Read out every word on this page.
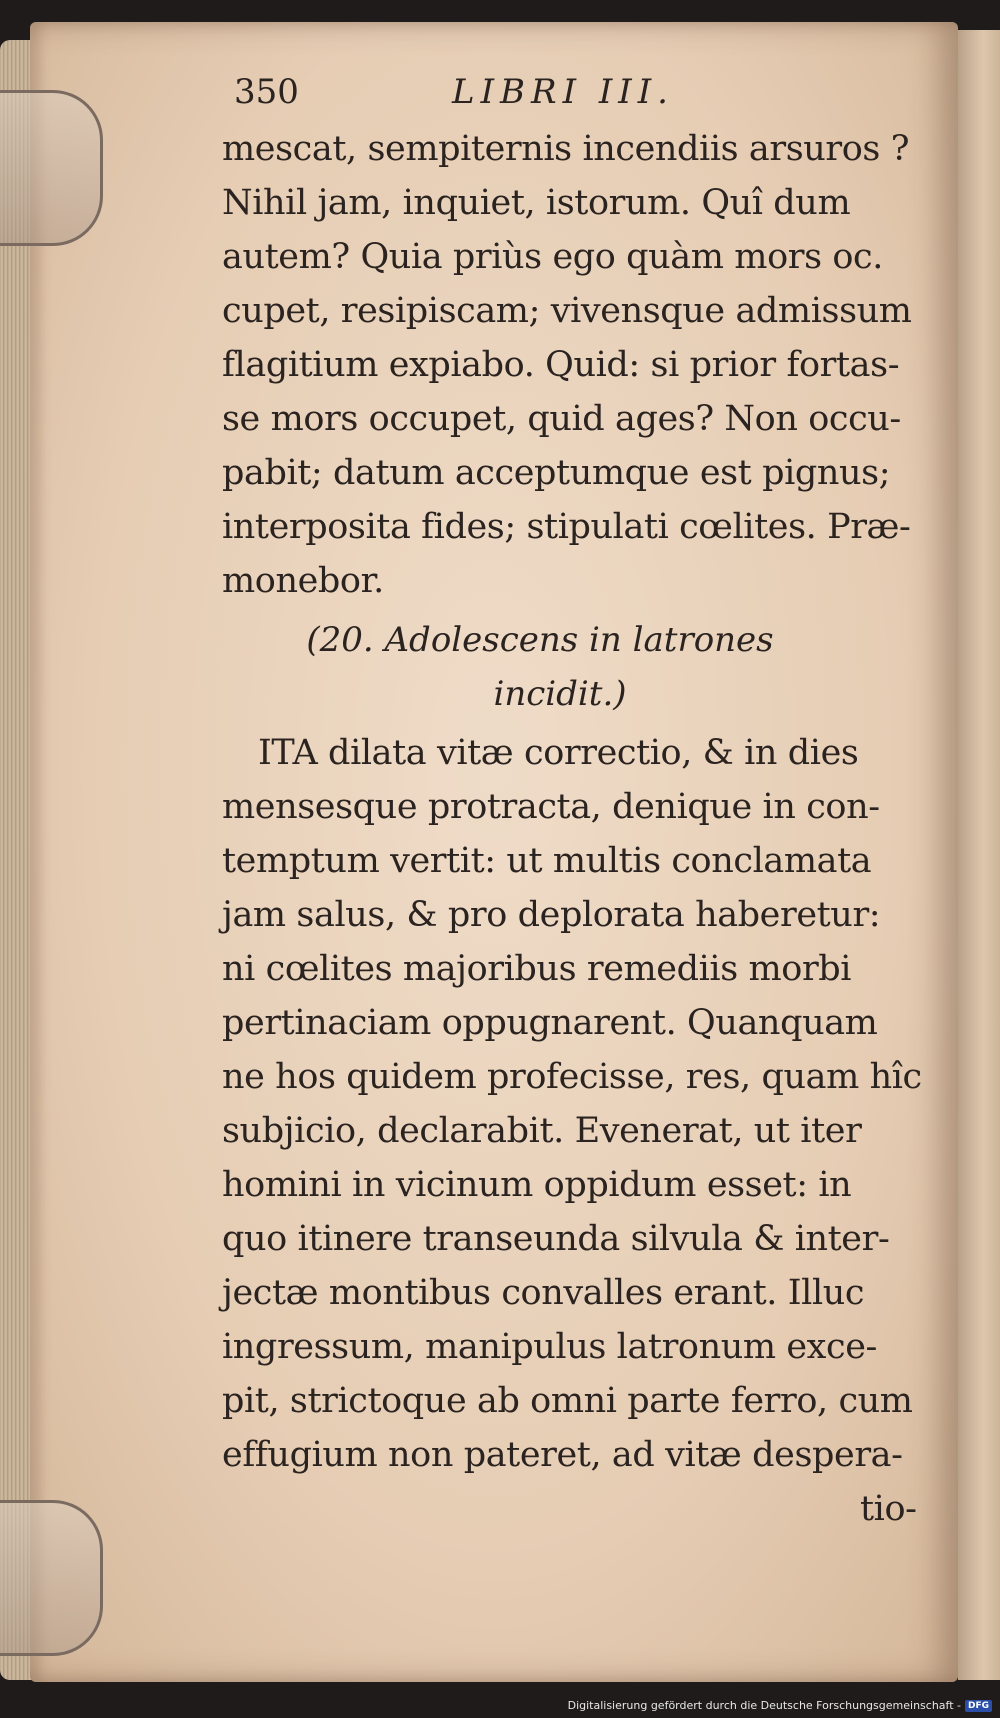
350	LIBRI III.
mescat, sempiternis incendiis arsuros ?
Nihil jam, inquiet, istorum. Quî dum
autem? Quia priùs ego quàm mors oc.
cupet, resipiscam; vivensque admissum
flagitium expiabo. Quid: si prior fortas-
se mors occupet, quid ages? Non occu-
pabit; datum acceptumque est pignus;
interposita fides; stipulati cœlites. Præ-
monebor.
(20. Adolescens in latrones
incidit.)
ITA dilata vitæ correctio, & in dies
mensesque protracta, denique in con-
temptum vertit: ut multis conclamata
jam salus, & pro deplorata haberetur:
ni cœlites majoribus remediis morbi
pertinaciam oppugnarent. Quanquam
ne hos quidem profecisse, res, quam hîc
subjicio, declarabit. Evenerat, ut iter
homini in vicinum oppidum esset: in
quo itinere transeunda silvula & inter-
jectæ montibus convalles erant. Illuc
ingressum, manipulus latronum exce-
pit, strictoque ab omni parte ferro, cum
effugium non pateret, ad vitæ despera-
tio-
Digitalisierung gefördert durch die Deutsche Forschungsgemeinschaft - DFG
